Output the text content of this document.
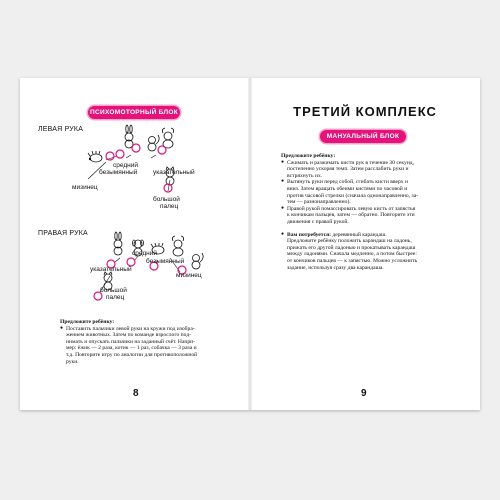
ПСИХОМОТОРНЫЙ БЛОК
ЛЕВАЯ РУКА
средний
безымянный указательный
мизинец
большой
палец
ПРАВАЯ РУКА
средний
безымянный
указательный
мизинец
большой
палец

Предложите ребёнку:

● Поставить пальчики левой руки на кружи под изобра-

жением животных. Затем по команде взрослого под-

нимать и опускать пальчики на заданный счёт. Напри-

мер: ёжик — 2 раза, котик — 1 раз, собачка — 3 раза и

т.д. Повторите игру по аналогии для противоположной

руки.

8
ТРЕТИЙ КОМПЛЕКС
МАНУАЛЬНЫЙ БЛОК

Предложите ребёнку:

● Сжимать и разжимать кисти рук в течение 30 секунд,

постепенно ускоряя темп. Затем расслабить руки и

встряхнуть их.

● Вытянуть руки перед собой, сгибать кисти вверх и

вниз. Затем вращать обеими кистями по часовой и

против часовой стрелки (сначала однонаправленно, за-

тем — разнонаправленно).

● Правой рукой помассировать левую кисть от запястья

к кончикам пальцев, затем — обратно. Повторите эти

движения с правой рукой.

● Вам потребуется: деревянный карандаш.

Предложите ребёнку положить карандаш на ладонь,

прижать его другой ладонью и прокатывать карандаш

между ладонями. Сначала медленно, а потом быстрее:

от кончиков пальцев — к запястью. Можно усложнить

задание, используя сразу два карандаша.

9
